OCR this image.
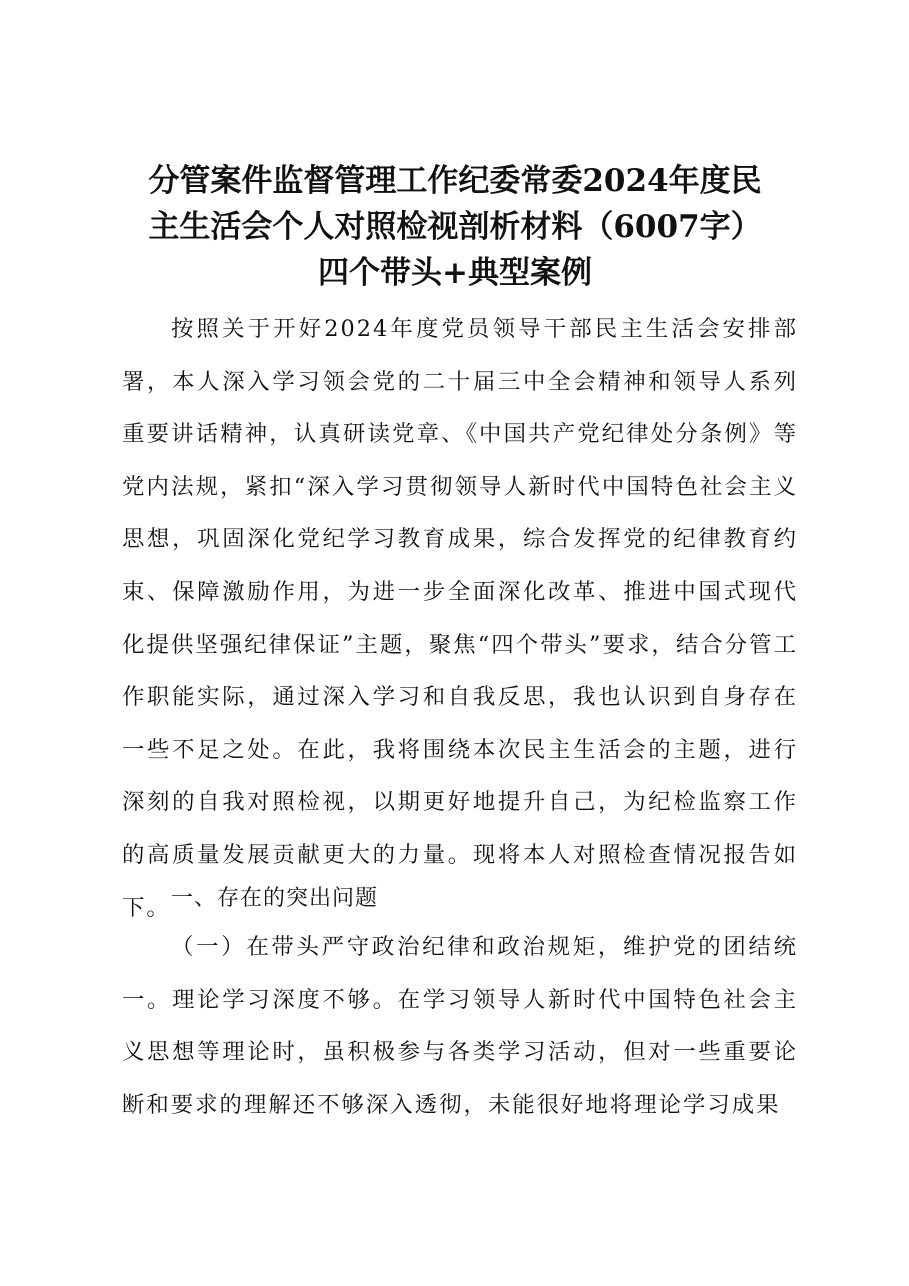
分管案件监督管理工作纪委常委2024年度民
主生活会个人对照检视剖析材料（6007字）
四个带头+典型案例

按照关于开好2024年度党员领导干部民主生活会安排部署，本人深入学习领会党的二十届三中全会精神和领导人系列重要讲话精神，认真研读党章、《中国共产党纪律处分条例》等党内法规，紧扣“深入学习贯彻领导人新时代中国特色社会主义思想，巩固深化党纪学习教育成果，综合发挥党的纪律教育约束、保障激励作用，为进一步全面深化改革、推进中国式现代化提供坚强纪律保证”主题，聚焦“四个带头”要求，结合分管工作职能实际，通过深入学习和自我反思，我也认识到自身存在一些不足之处。在此，我将围绕本次民主生活会的主题，进行深刻的自我对照检视，以期更好地提升自己，为纪检监察工作的高质量发展贡献更大的力量。现将本人对照检查情况报告如下。 一、存在的突出问题

（一）在带头严守政治纪律和政治规矩，维护党的团结统一。理论学习深度不够。在学习领导人新时代中国特色社会主义思想等理论时，虽积极参与各类学习活动，但对一些重要论断和要求的理解还不够深入透彻，未能很好地将理论学习成果
